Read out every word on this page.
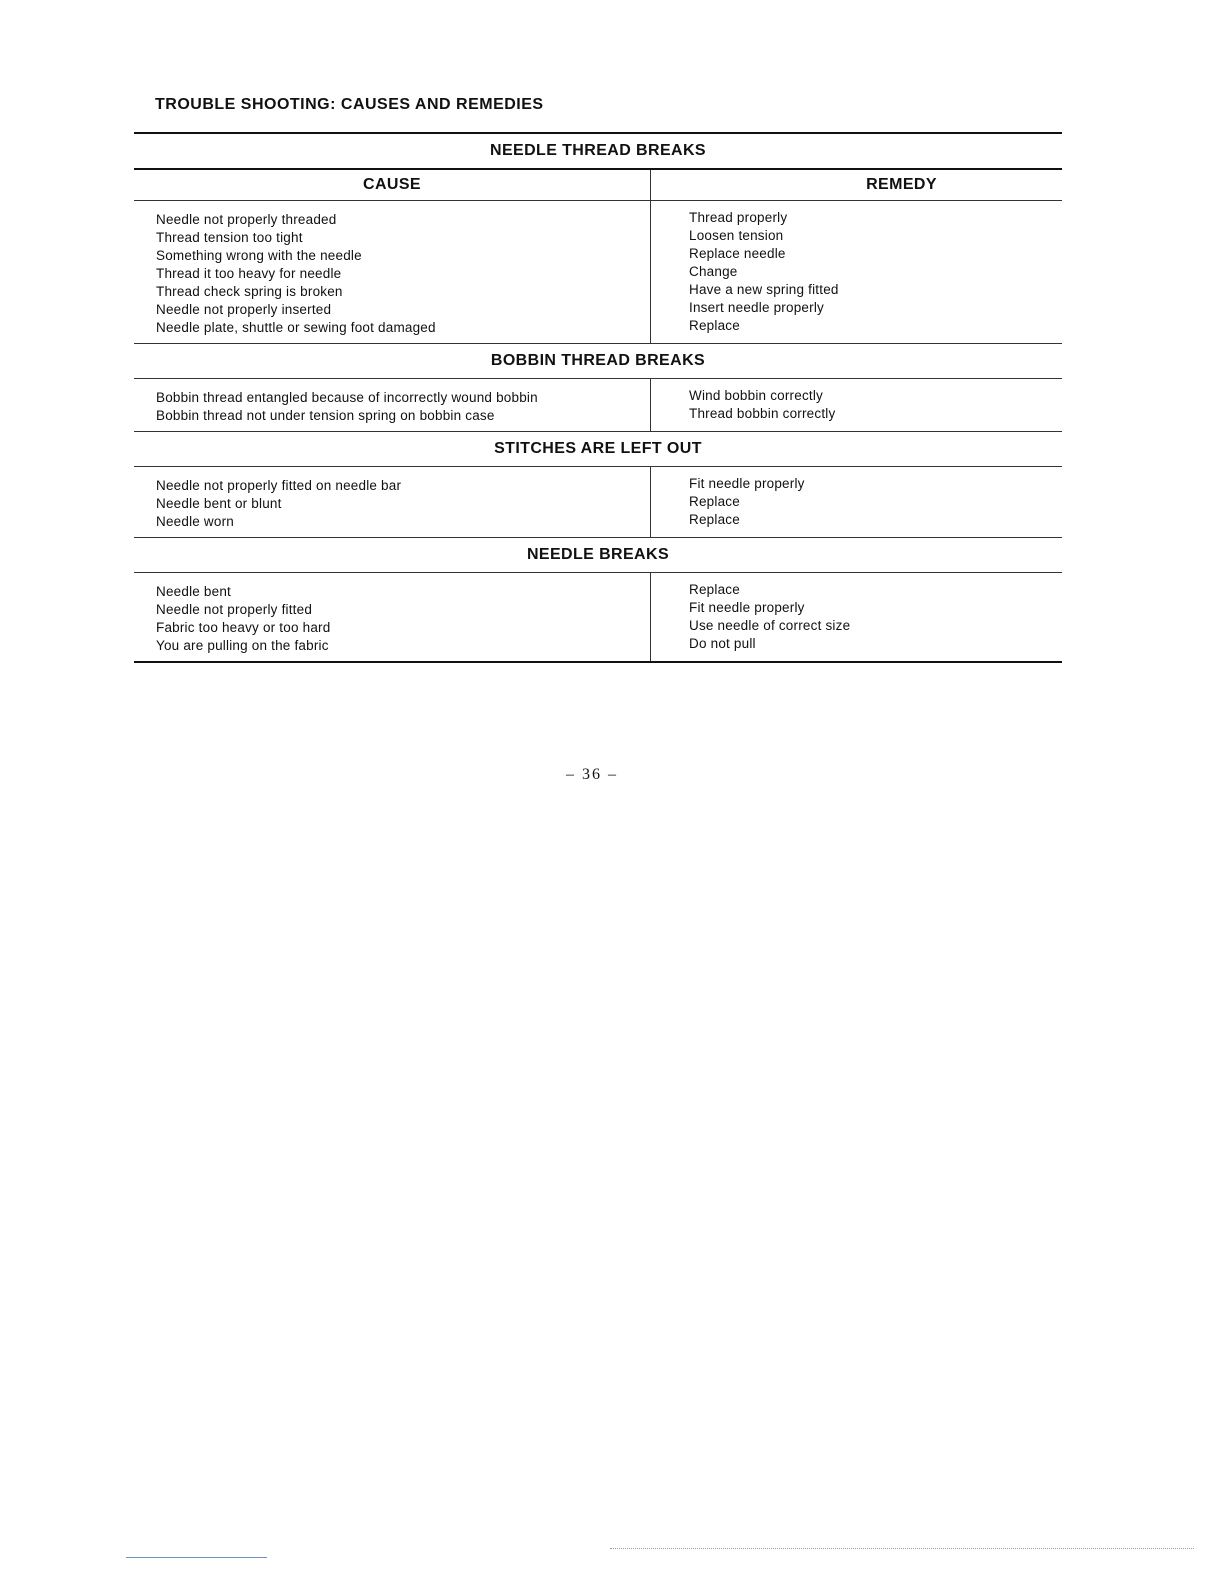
TROUBLE SHOOTING: CAUSES AND REMEDIES
NEEDLE THREAD BREAKS
CAUSE	REMEDY
Needle not properly threaded
Thread tension too tight
Something wrong with the needle
Thread it too heavy for needle
Thread check spring is broken
Needle not properly inserted
Needle plate, shuttle or sewing foot damaged
Thread properly
Loosen tension
Replace needle
Change
Have a new spring fitted
Insert needle properly
Replace
BOBBIN THREAD BREAKS
Bobbin thread entangled because of incorrectly wound bobbin
Bobbin thread not under tension spring on bobbin case
Wind bobbin correctly
Thread bobbin correctly
STITCHES ARE LEFT OUT
Needle not properly fitted on needle bar
Needle bent or blunt
Needle worn
Fit needle properly
Replace
Replace
NEEDLE BREAKS
Needle bent
Needle not properly fitted
Fabric too heavy or too hard
You are pulling on the fabric
Replace
Fit needle properly
Use needle of correct size
Do not pull
– 36 –
